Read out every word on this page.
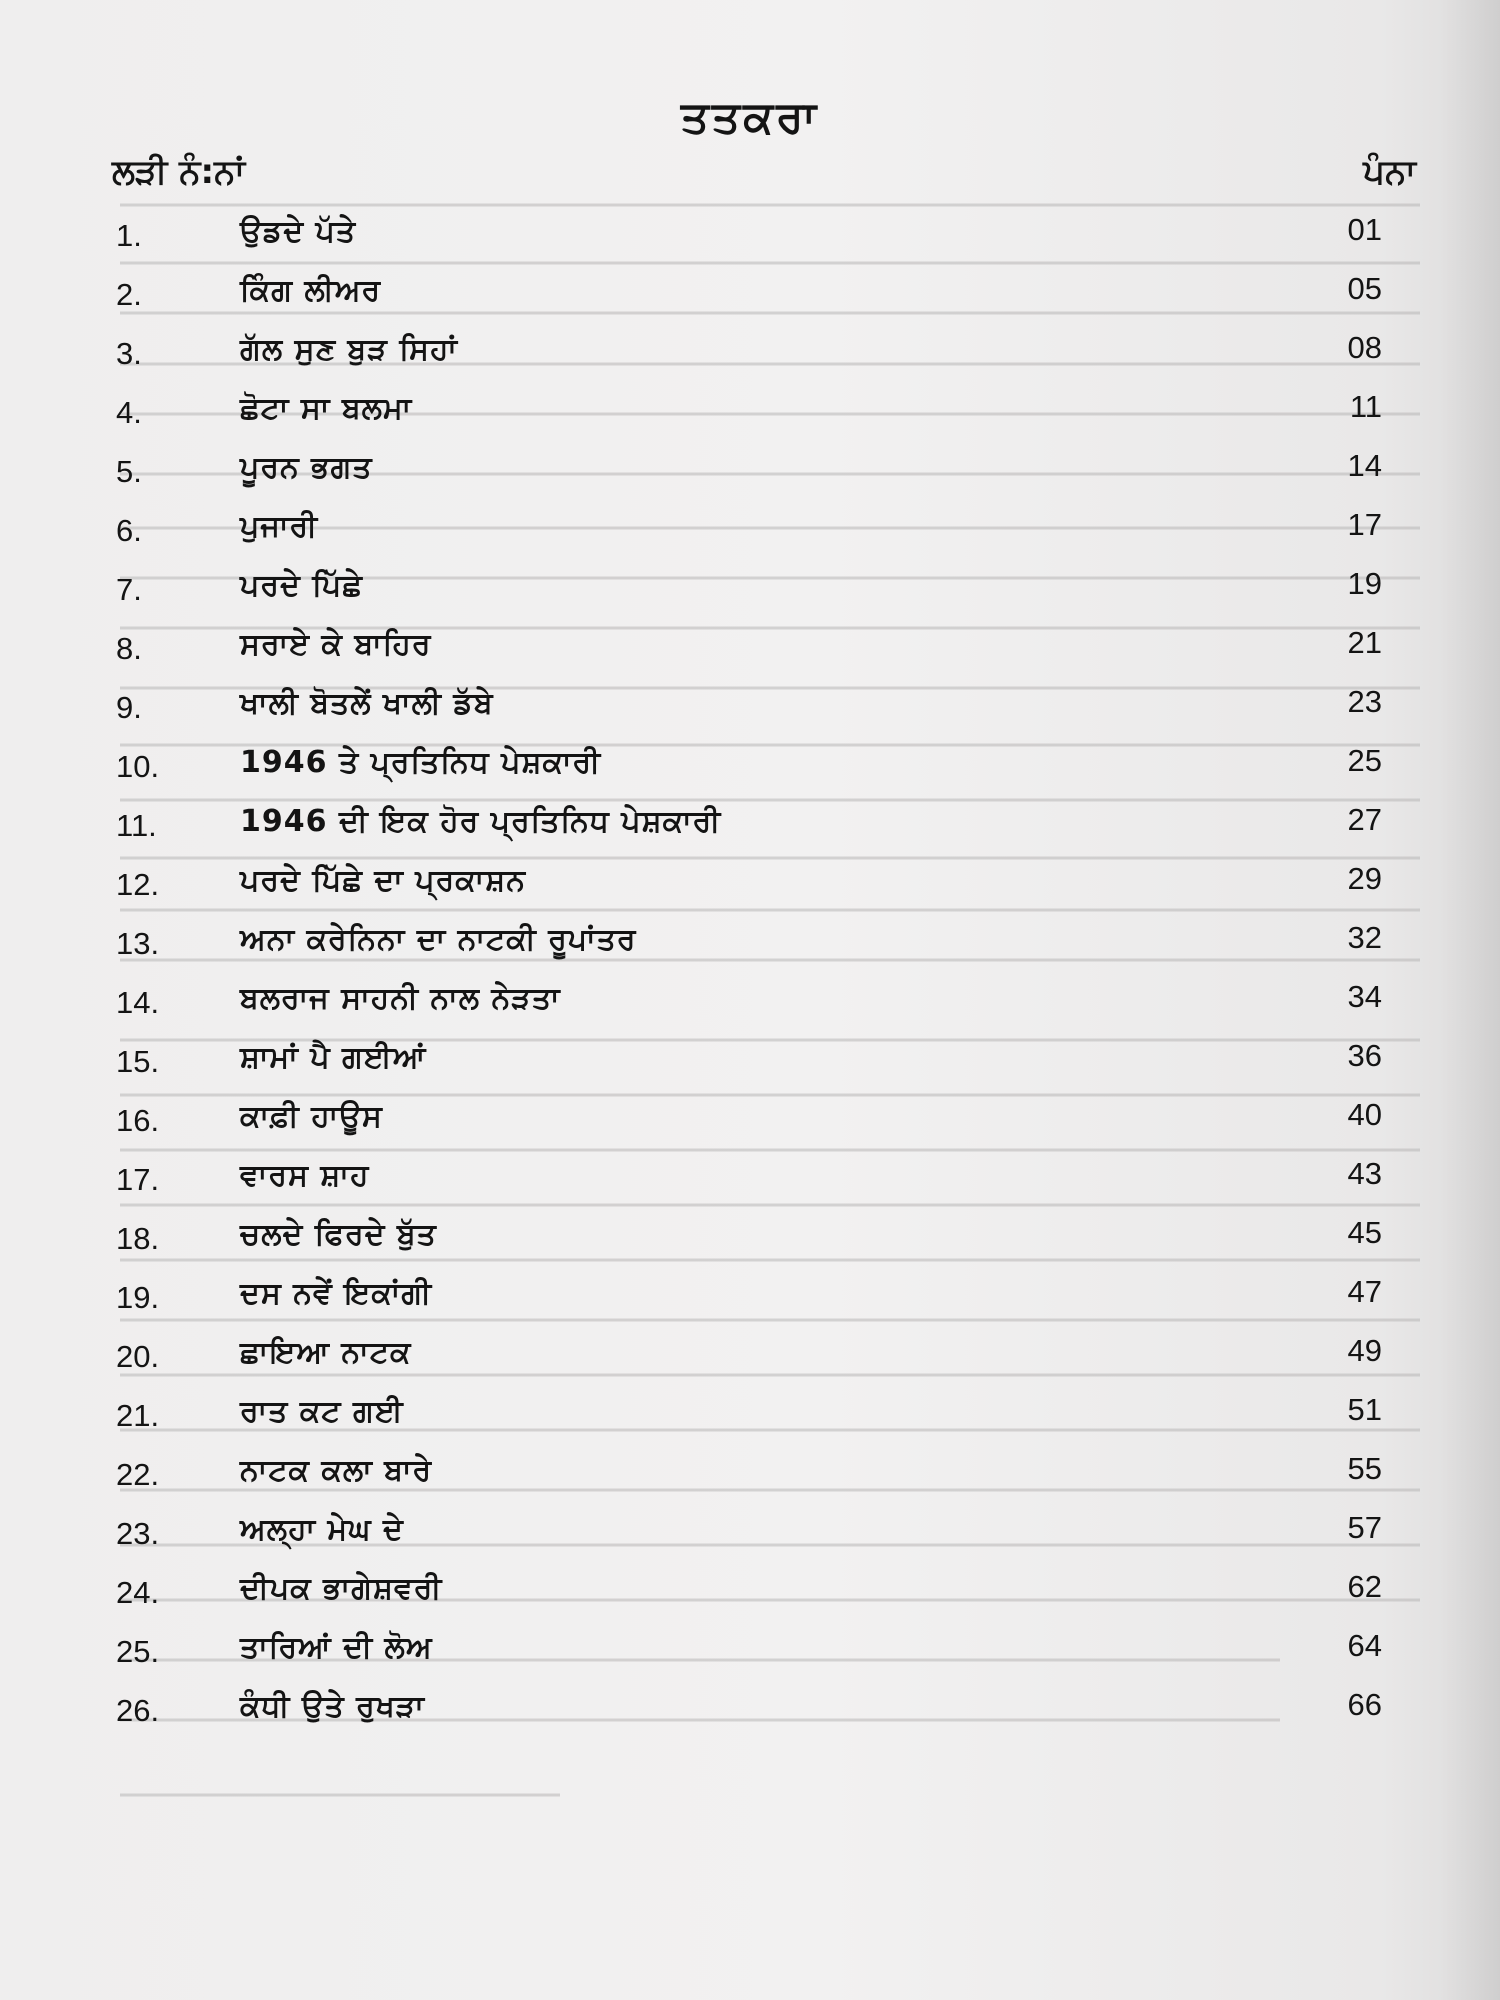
ਤਤਕਰਾ
ਲੜੀ ਨੰ:ਨਾਂ	ਪੰਨਾ
1.	ਉਡਦੇ ਪੱਤੇ	01
2.	ਕਿੰਗ ਲੀਅਰ	05
3.	ਗੱਲ ਸੁਣ ਬੁੜ ਸਿਹਾਂ	08
4.	ਛੋਟਾ ਸਾ ਬਲਮਾ	11
5.	ਪੂਰਨ ਭਗਤ	14
6.	ਪੁਜਾਰੀ	17
7.	ਪਰਦੇ ਪਿੱਛੇ	19
8.	ਸਰਾਏ ਕੇ ਬਾਹਿਰ	21
9.	ਖਾਲੀ ਬੋਤਲੇਂ ਖਾਲੀ ਡੱਬੇ	23
10.	1946 ਤੇ ਪ੍ਰਤਿਨਿਧ ਪੇਸ਼ਕਾਰੀ	25
11.	1946 ਦੀ ਇਕ ਹੋਰ ਪ੍ਰਤਿਨਿਧ ਪੇਸ਼ਕਾਰੀ	27
12.	ਪਰਦੇ ਪਿੱਛੇ ਦਾ ਪ੍ਰਕਾਸ਼ਨ	29
13.	ਅਨਾ ਕਰੇਨਿਨਾ ਦਾ ਨਾਟਕੀ ਰੂਪਾਂਤਰ	32
14.	ਬਲਰਾਜ ਸਾਹਨੀ ਨਾਲ ਨੇੜਤਾ	34
15.	ਸ਼ਾਮਾਂ ਪੈ ਗਈਆਂ	36
16.	ਕਾਫ਼ੀ ਹਾਊਸ	40
17.	ਵਾਰਸ ਸ਼ਾਹ	43
18.	ਚਲਦੇ ਫਿਰਦੇ ਬੁੱਤ	45
19.	ਦਸ ਨਵੇਂ ਇਕਾਂਗੀ	47
20.	ਛਾਇਆ ਨਾਟਕ	49
21.	ਰਾਤ ਕਟ ਗਈ	51
22.	ਨਾਟਕ ਕਲਾ ਬਾਰੇ	55
23.	ਅਲ੍ਹਾ ਮੇਘ ਦੇ	57
24.	ਦੀਪਕ ਭਾਗੇਸ਼ਵਰੀ	62
25.	ਤਾਰਿਆਂ ਦੀ ਲੋਅ	64
26.	ਕੰਧੀ ਉਤੇ ਰੁਖੜਾ	66
